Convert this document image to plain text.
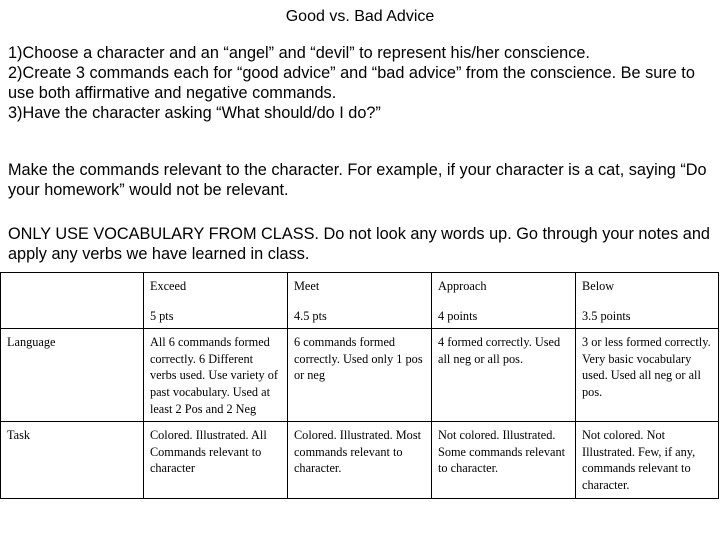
Good vs. Bad Advice

1)Choose a character and an “angel” and “devil” to represent his/her conscience.

2)Create 3 commands each for “good advice” and “bad advice” from the conscience. Be sure to use both affirmative and negative commands.

3)Have the character asking “What should/do I do?”

Make the commands relevant to the character. For example, if your character is a cat, saying “Do your homework” would not be relevant.

ONLY USE VOCABULARY FROM CLASS. Do not look any words up. Go through your notes and apply any verbs we have learned in class.

	Exceed	Meet	Approach	Below
	5 pts	4.5 pts	4 points	3.5 points
Language	All 6 commands formed correctly. 6 Different verbs used. Use variety of past vocabulary. Used at least 2 Pos and 2 Neg	6 commands formed correctly. Used only 1 pos or neg	4 formed correctly. Used all neg or all pos.	3 or less formed correctly. Very basic vocabulary used. Used all neg or all pos.
Task	Colored. Illustrated. All Commands relevant to character	Colored. Illustrated. Most commands relevant to character.	Not colored. Illustrated. Some commands relevant to character.	Not colored. Not Illustrated. Few, if any, commands relevant to character.
